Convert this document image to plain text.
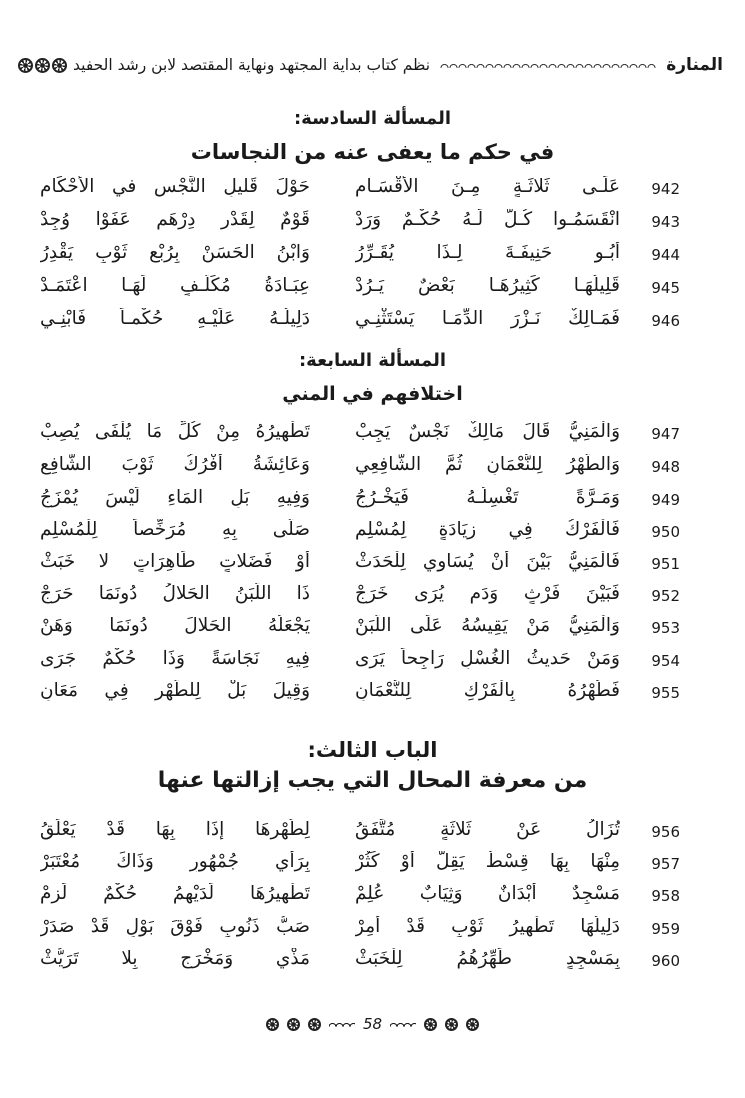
المنارة
نظم كتاب بداية المجتهد ونهاية المقتصد لابن رشد الحفيد
المسألة السادسة:
في حكم ما يعفى عنه من النجاسات
942
عَلَـى ثَلاثَـةٍ مِـنَ الأَقْسَـامِ
حَوْلَ قَليلِ النَّجْسِ في الأَحْكَامِ
943
انْقَسَمُـوا كُـلٌّ لَـهُ حُكْـمٌ وَرَدْ
قَوْمٌ لِقَدْرِ دِرْهَمٍ عَفَوْا وُجِدْ
944
أَبُـو حَنِيفَـةَ لِـذَا يُقَـرِّرُ
وَابْنُ الحَسَنْ بِرُبْعِ ثَوْبٍ يَقْدِرُ
945
قَلِيلُهَـا كَثِيرُهَـا بَعْضٌ يَـرُدْ
عِبَـادَةُ مُكَلَّـفٍ لَهَـا اعْتَمَـدْ
946
فَمَـالِكٌ نَـزْرَ الدِّمَـا يَسْتَثْنِـي
دَلِيلُـهُ عَلَيْـهِ حُكْمـاً فَابْنِـي
المسألة السابعة:
اختلافهم في المني
947
وَالْمَنِيُّ قَالَ مَالِكٌ نَجْسٌ يَجِبْ
تَطْهِيرُهُ مِنْ كُلِّ مَا يُلْفَى يُصِبْ
948
وَالطُّهْرُ لِلنُّعْمَانِ ثُمَّ الشَّافِعِي
وَعَائِشَةُ أَفْرُكُ ثَوْبَ الشَّافِعِ
949
وَمَـرَّةً تَغْسِلُـهُ فَيَخْـرُجُ
وَفِيهِ بَلِ المَاءِ لَيْسَ يُمْزَجُ
950
فَالْفَرْكُ فِي زِيَادَةٍ لِمُسْلِمِ
صَلَّى بِهِ مُرَخِّصاً لِلْمُسْلِمِ
951
فَالْمَنِيُّ بَيْنَ أَنْ يُسَاوِي لِلْحَدَثْ
أَوْ فَضَلاتٍ طَاهِرَاتٍ لا خَبَثْ
952
فَبَيْنَ فَرْثٍ وَدَمٍ يُرَى خَرَجْ
ذَا اللَّبَنُ الحَلالُ دُونَمَا حَرَجْ
953
وَالْمَنِيُّ مَنْ يَقِيسُهُ عَلَى اللَّبَنْ
يَجْعَلُهُ الحَلالَ دُونَمَا وَهَنْ
954
وَمَنْ حَديثُ الغُسْلِ رَاجِحاً يَرَى
فِيهِ نَجَاسَةً وَذَا حُكْمٌ جَرَى
955
فَطُهْرُهُ بِالْفَرْكِ لِلنُّعْمَانِ
وَقِيلَ بَلْ لِلطُّهْرِ فِي مَعَانِ
الباب الثالث:
من معرفة المحال التي يجب إزالتها عنها
956
تُزَالُ عَنْ ثَلاثَةٍ مُتَّفَقُ
لِطُهْرِهَا إِذَا بِهَا قَدْ يَعْلَقُ
957
مِنْهَا بِهَا قِسْطٌ يَقِلُّ أَوْ كَثُرْ
بِرَأْيِ جُمْهُورٍ وَذَاكَ مُعْتَبَرْ
958
مَسْجِدٌ أَبْدَانٌ وَثِيَابٌ عُلِمْ
تَطْهِيرُهَا لَدَيْهِمُ حُكْمٌ لَزِمْ
959
دَلِيلُهَا تَطْهِيرُ ثَوْبٍ قَدْ أُمِرْ
صَبُّ ذَنُوبٍ فَوْقَ بَوْلٍ قَدْ صَدَرْ
960
بِمَسْجِدٍ طَهِّرُهُمُ لِلْخَبَثْ
مَذْيٍ وَمَخْرَجٍ بِلا تَرَيُّثْ
58
